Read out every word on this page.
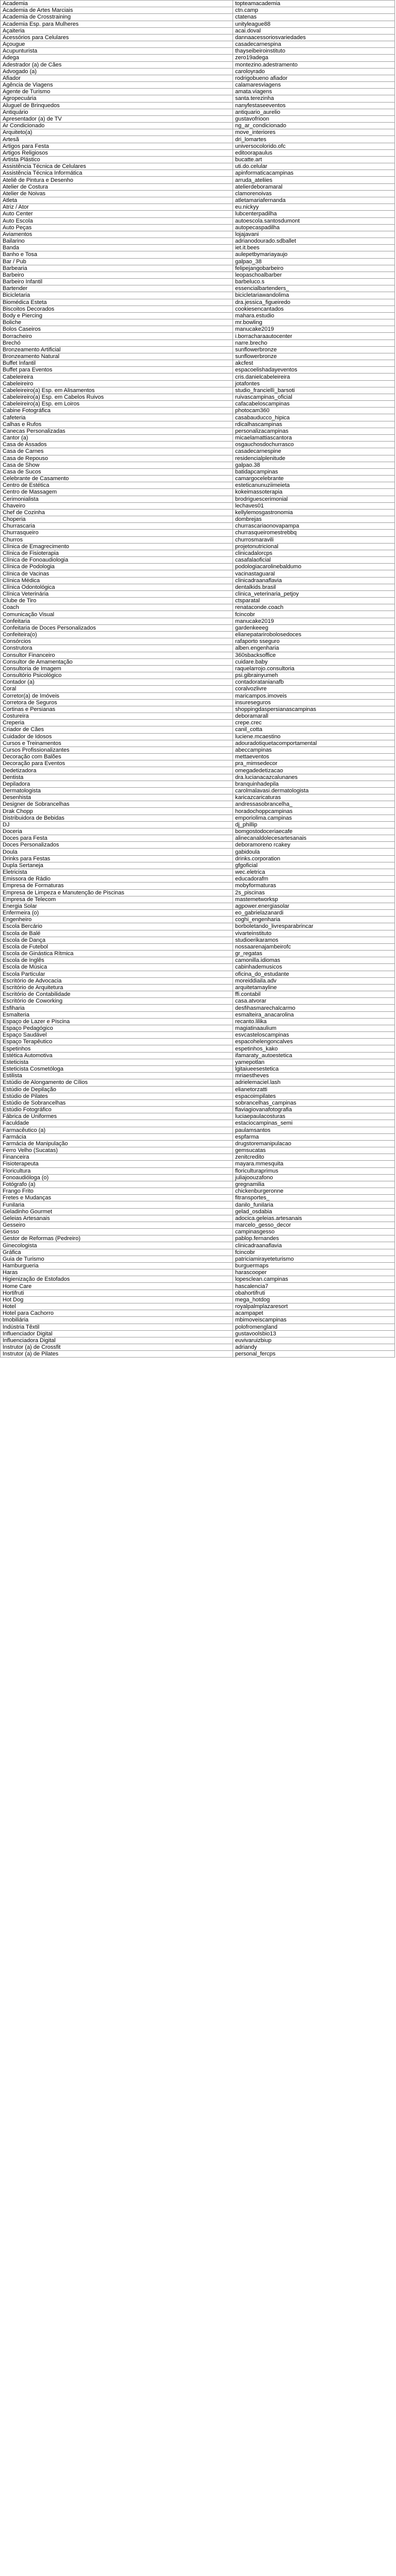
Academia	topteamacademia
Academia de Artes Marciais	ctn.camp
Academia de Crosstraining	ctatenas
Academia Esp. para Mulheres	unityleague88
Açaiteria	acai.doval
Acessórios para Celulares	dannaacessoriosvariedades
Açougue	casadecarnespina
Acupunturista	thayseibeiroinstituto
Adega	zero19adega
Adestrador (a) de Cães	montezino.adestramento
Advogado (a)	caroloyrado
Afiador	rodrigobueno afiador
Agência de Viagens	calamaresviagens
Agente de Turismo	amata.viagens
Agropecuária	santa.terezinha
Aluguel de Brinquedos	nanyfestaseeventos
Antiquário	antiquario_aurelio
Apresentador (a) de TV	gustavofrioon
Ar Condicionado	ng_ar_condicionado
Arquiteto(a)	move_interiores
Artesã	dri_lomartes
Artigos para Festa	universocolorido.ofc
Artigos Religiosos	editoorapaulus
Artista Plástico	bucatte.art
Assistência Técnica de Celulares	uti.do.celular
Assistência Técnica Informática	apinformaticacampinas
Ateliê de Pintura e Desenho	arruda_ateliies
Atelier de Costura	atelierdeboramaral
Atelier de Noivas	clamorenoivas
Atleta	atletamariafernanda
Atriz / Ator	eu.nickyy
Auto Center	lubcenterpadilha
Auto Escola	autoescola.santosdumont
Auto Peças	autopecaspadilha
Aviamentos	lojajavani
Bailarino	adrianodourado.sdballet
Banda	iet.it.bees
Banho e Tosa	aulepetbymariayaujo
Bar / Pub	galpao_38
Barbearia	felipejangobarbeiro
Barbeiro	leopaschoalbarber
Barbeiro Infantil	barbeluco.s
Bartender	essencialbartenders_
Bicicletaria	bicicletariawandolima
Biomédica Esteta	dra.jessica_figueiredo
Biscoitos Decorados	cookiesencantados
Body e Piercing	mahara.estudio
Boliche	mr.bowling
Bolos Caseiros	manucake2019
Borracheiro	i.borracharaautocenter
Brechó	narre.brecho
Bronzeamento Artificial	sunflowerbronze
Bronzeamento Natural	sunflowerbronze
Buffet Infantil	akcfest
Buffet para Eventos	espacoelishadayeventos
Cabeleireira	cris.danielcabeleireira
Cabeleireiro	jotafontes
Cabeleireiro(a) Esp. em Alisamentos	studio_franciellì_barsoti
Cabeleireiro(a) Esp. em Cabelos Ruivos	ruivascampinas_oficial
Cabeleireiro(a) Esp. em Loiros	cafacabeloscampinas
Cabine Fotográfica	photocam360
Cafeteria	casabauducco_hipica
Calhas e Rufos	rdicalhascampinas
Canecas Personalizadas	personalizacampinas
Cantor (a)	micaelamattiascantora
Casa de Assados	osgauchosdochurrasco
Casa de Carnes	casadecarnespine
Casa de Repouso	residencialplenitude
Casa de Show	galpao.38
Casa de Sucos	batidapcampinas
Celebrante de Casamento	camargocelebrante
Centro de Estética	esteticanunuziimeieta
Centro de Massagem	kokeimassoterapia
Cerimonialista	brodriguescerimonial
Chaveiro	lechaves01
Chef de Cozinha	kellylemosgastronomia
Choperia	dombrejas
Churrascaria	churrascariaonovapampa
Churrasqueiro	churrasqueiromestrebbq
Churros	churrosmaravili
Clínica de Emagrecimento	projetonutricional
Clínica de Fisioterapia	clinicadalorcps
Clínica de Fonoaudiologia	casafalaoficial
Clínica de Podologia	podologiacarolinebaldumo
Clínica de Vacinas	vacinastaguaral
Clínica Médica	clinicadraanaflavia
Clínica Odontológica	dentalkids.brasil
Clínica Veterinária	clinica_veterinaria_petjoy
Clube de Tiro	ctsparatal
Coach	renataconde.coach
Comunicação Visual	fcincobr
Confeitaria	manucake2019
Confeitaria de Doces Personalizados	gardenkeeeg
Confeiteira(o)	elianepatarirobolosedoces
Consórcios	rafaporto sseguro
Construtora	alben.engenharia
Consultor Financeiro	360sbacksoffice
Consultor de Amamentação	cuidare.baby
Consultoria de Imagem	raquelarrojo.consultoria
Consultório Psicológico	psi.gibrainyumeh
Contador (a)	contadoratanianafb
Coral	coralvozlivre
Corretor(a) de Imóveis	maricampos.imoveis
Corretora de Seguros	insureseguros
Cortinas e Persianas	shoppingdaspersianascampinas
Costureira	deboramarall
Creperia	crepe.crec
Criador de Cães	canil_cotta
Cuidador de Idosos	luciene.mcaestino
Cursos e Treinamentos	adouradotiquetacomportamental
Cursos Profissionalizantes	abeccampinas
Decoração com Balões	mettaeventos
Decoração para Eventos	pra_mimsedecor
Dedetizadora	omegadedetizacao
Dentista	dra.lucianacazcalunanes
Depiladora	branquinhadepila
Dermatologista	carolmalavasi.dermatologista
Desenhista	karicazcaricaturas
Designer de Sobrancelhas	andressasobrancelha_
Drak Chopp	horadochoppcampinas
Distribuidora de Bebidas	emporiolima.campinas
DJ	dj_phillip
Doceria	bomgostodoceriaecafe
Doces para Festa	alinecanaldolecesartesanais
Doces Personalizados	deboramoreno rcakey
Doula	gabidoula
Drinks para Festas	drinks.corporation
Dupla Sertaneja	gfgoficial
Eletricista	wec.eletrica
Emissora de Rádio	educadorafm
Empresa de Formaturas	mobyformaturas
Empresa de Limpeza e Manutenção de Piscinas	2s_piscinas
Empresa de Telecom	mastemetworksp
Energia Solar	agpower.energiasolar
Enfermeira (o)	eo_gabrielazanardi
Engenheiro	coghi_engenharia
Escola Bercário	borboletando_livresparabrincar
Escola de Balé	vivarteinstituto
Escola de Dança	studioerikaramos
Escola de Futebol	nossaarenajambeirofc
Escola de Ginástica Rítmica	gr_regatas
Escola de Inglês	camonilla.idiomas
Escola de Música	cabinhademusicos
Escola Particular	oficina_do_estudante
Escritório de Advocacia	moreiddiaila.adv
Escritório de Arquitetura	arquitetamayline
Escritório de Contabilidade	ffi.contabil
Escritório de Coworking	casa.atvorar
Esfiharia	desfihasmarechalcarmo
Esmalteria	esmalteira_anacarolina
Espaço de Lazer e Piscina	recanto.lilika
Espaço Pedagógico	magiatinaaulium
Espaço Saudável	esvcasteloscampinas
Espaço Terapêutico	espacohelengoncalves
Espetinhos	espetinhos_kako
Estética Automotiva	ifamaraty_autoestetica
Esteticista	yamepotlan
Esteticista Cosmetóloga	lgitaiueesestetica
Estilista	mriaestheves
Estúdio de Alongamento de Cílios	adrielemaciel.lash
Estúdio de Depilação	elianetorzatti
Estúdio de Pilates	espacoimpilates
Estúdio de Sobrancelhas	sobrancelhas_campinas
Estúdio Fotográfico	flaviagiovanafotografia
Fábrica de Uniformes	luciaepaulacosturas
Faculdade	estaciocampinas_semi
Farmacêutico (a)	paulamsantos
Farmácia	espfarma
Farmácia de Manipulação	drugstoremanipulacao
Ferro Velho (Sucatas)	gemsucatas
Financeira	zenitcredito
Fisioterapeuta	mayara.mmesquita
Floricultura	floriculturaprimus
Fonoaudióloga (o)	juliajoouzafono
Fotógrafo (a)	gregnamilia
Frango Frito	chickenburgeronne
Fretes e Mudanças	fitransportes_
Funilaria	danilo_funilaria
Geladinho Gourmet	gelad_osdabia
Geleias Artesanais	adocica.geleias.artesanais
Gesseiro	marcelo_gesso_decor
Gesso	campinasgesso
Gestor de Reformas (Pedreiro)	pablop.fernandes
Ginecologista	clinicadraanaflavia
Gráfica	fcincobr
Guia de Turismo	patriciamirayeteturismo
Hamburgueria	burguermaps
Haras	harascooper
Higienização de Estofados	lopesclean.campinas
Home Care	hascalencia7
Hortifruti	obahortifruti
Hot Dog	mega_hotdog
Hotel	royalpalmplazaresort
Hotel para Cachorro	acampapet
Imobiliária	mbimoveiscampinas
Indústria Têxtil	polofromengland
Influenciador Digital	gustavoolsbio13
Influenciadora Digital	euvivaruizbiup
Instrutor (a) de Crossfit	adriandy
Instrutor (a) de Pilates	personal_fercps
